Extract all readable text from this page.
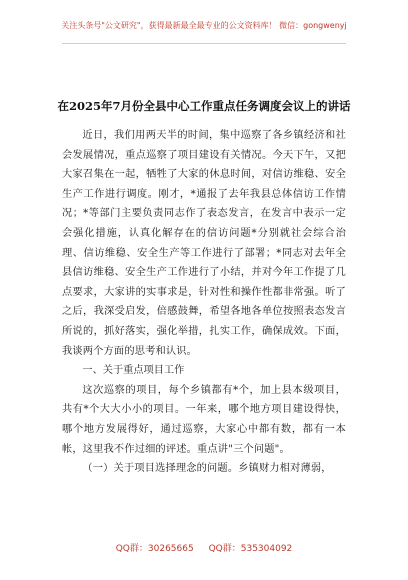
关注头条号"公文研究"，获得最新最全最专业的公文资料库！ 微信：gongwenyj
在2025年7月份全县中心工作重点任务调度会议上的讲话

近日，我们用两天半的时间，集中巡察了各乡镇经济和社会发展情况，重点巡察了项目建设有关情况。今天下午，又把大家召集在一起，牺牲了大家的休息时间，对信访维稳、安全生产工作进行调度。刚才，*通报了去年我县总体信访工作情况；*等部门主要负责同志作了表态发言，在发言中表示一定会强化措施，认真化解存在的信访问题*分别就社会综合治理、信访维稳、安全生产等工作进行了部署；*同志对去年全县信访维稳、安全生产工作进行了小结，并对今年工作提了几点要求，大家讲的实事求是，针对性和操作性都非常强。听了之后，我深受启发，倍感鼓舞，希望各地各单位按照表态发言所说的，抓好落实，强化举措，扎实工作，确保成效。下面，我谈两个方面的思考和认识。

一、关于重点项目工作

这次巡察的项目，每个乡镇都有*个，加上县本级项目，共有*个大大小小的项目。一年来，哪个地方项目建设得快，哪个地方发展得好，通过巡察，大家心中都有数，都有一本帐，这里我不作过细的评述。重点讲"三个问题"。

（一）关于项目选择理念的问题。乡镇财力相对薄弱，

QQ群：30265665 QQ群：535304092
